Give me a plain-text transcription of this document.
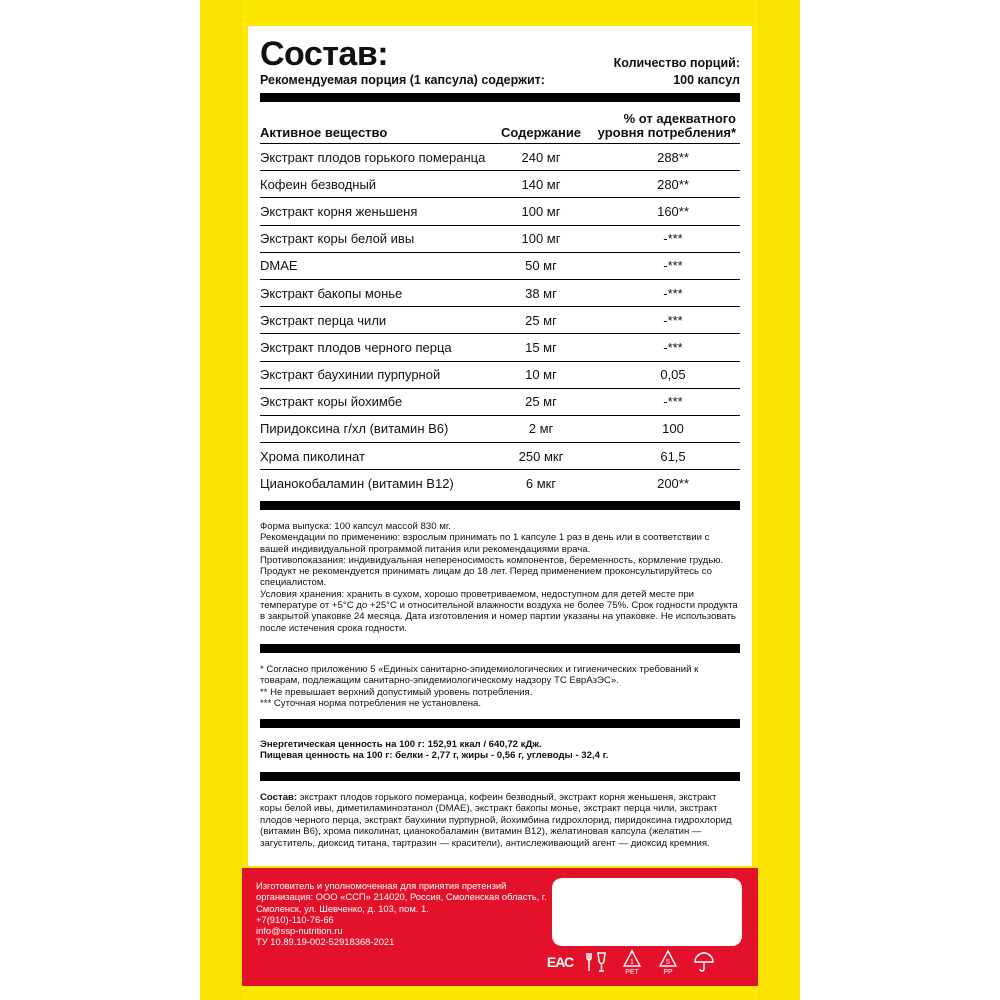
Состав:
Рекомендуемая порция (1 капсула) содержит:
Количество порций:
100 капсул
Активное вещество	Содержание	% от адекватного уровня потребления*
Экстракт плодов горького померанца	240 мг	288**
Кофеин безводный	140 мг	280**
Экстракт корня женьшеня	100 мг	160**
Экстракт коры белой ивы	100 мг	-***
DMAE	50 мг	-***
Экстракт бакопы монье	38 мг	-***
Экстракт перца чили	25 мг	-***
Экстракт плодов черного перца	15 мг	-***
Экстракт баухинии пурпурной	10 мг	0,05
Экстракт коры йохимбе	25 мг	-***
Пиридоксина г/хл (витамин В6)	2 мг	100
Хрома пиколинат	250 мкг	61,5
Цианокобаламин (витамин В12)	6 мкг	200**
Форма выпуска: 100 капсул массой 830 мг.
Рекомендации по применению: взрослым принимать по 1 капсуле 1 раз в день или в соответствии с вашей индивидуальной программой питания или рекомендациями врача.
Противопоказания: индивидуальная непереносимость компонентов, беременность, кормление грудью. Продукт не рекомендуется принимать лицам до 18 лет. Перед применением проконсультируйтесь со специалистом.
Условия хранения: хранить в сухом, хорошо проветриваемом, недоступном для детей месте при температуре от +5°С до +25°С и относительной влажности воздуха не более 75%. Срок годности продукта в закрытой упаковке 24 месяца. Дата изготовления и номер партии указаны на упаковке. Не использовать после истечения срока годности.
* Согласно приложению 5 «Единых санитарно-эпидемиологических и гигиенических требований к товарам, подлежащим санитарно-эпидемиологическому надзору ТС ЕврАзЭС».
** Не превышает верхний допустимый уровень потребления.
*** Суточная норма потребления не установлена.
Энергетическая ценность на 100 г: 152,91 ккал / 640,72 кДж.
Пищевая ценность на 100 г: белки - 2,77 г, жиры - 0,56 г, углеводы - 32,4 г.
Состав: экстракт плодов горького померанца, кофеин безводный, экстракт корня женьшеня, экстракт коры белой ивы, диметиламиноэтанол (DMAE), экстракт бакопы монье, экстракт перца чили, экстракт плодов черного перца, экстракт баухинии пурпурной, йохимбина гидрохлорид, пиридоксина гидрохлорид (витамин В6), хрома пиколинат, цианокобаламин (витамин В12), желатиновая капсула (желатин — загуститель, диоксид титана, тартразин — красители), антислеживающий агент — диоксид кремния.
Изготовитель и уполномоченная для принятия претензий организация: ООО «ССП» 214020, Россия, Смоленская область, г. Смоленск, ул. Шевченко, д. 103, пом. 1.
+7(910)-110-76-66
info@ssp-nutrition.ru
ТУ 10.89.19-002-52918368-2021
ЕАС	1
PET
5
PP
